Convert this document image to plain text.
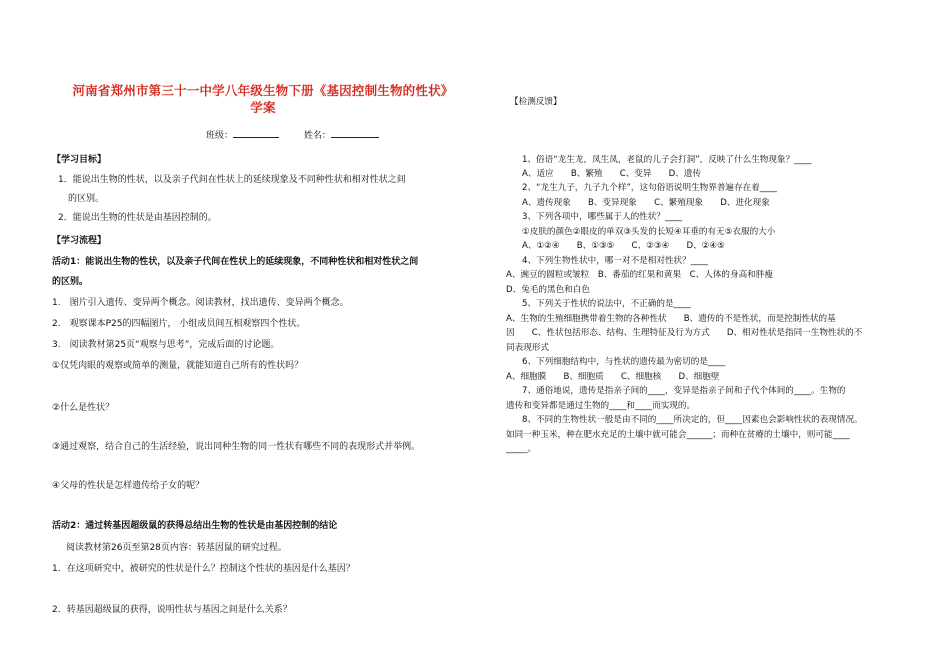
河南省郑州市第三十一中学八年级生物下册《基因控制生物的性状》
学案
班级：	姓名：
【学习目标】
1．能说出生物的性状，以及亲子代间在性状上的延续现象及不同种性状和相对性状之间
的区别。
2．能说出生物的性状是由基因控制的。
【学习流程】
活动1：能说出生物的性状，以及亲子代间在性状上的延续现象，不同种性状和相对性状之间
的区别。
1.　图片引入遗传、变异两个概念。阅读教材，找出遗传、变异两个概念。
2.　观察课本P25的四幅图片， 小组成员间互相观察四个性状。
3.　阅读教材第25页“观察与思考”，完成后面的讨论题。
①仅凭肉眼的观察或简单的测量，就能知道自己所有的性状吗？
②什么是性状？
③通过观察，结合自己的生活经验，说出同种生物的同一性状有哪些不同的表现形式并举例。
④父母的性状是怎样遗传给子女的呢？
活动2：通过转基因超级鼠的获得总结出生物的性状是由基因控制的结论
阅读教材第26页至第28页内容：转基因鼠的研究过程。
1．在这项研究中，被研究的性状是什么？控制这个性状的基因是什么基因？
2．转基因超级鼠的获得，说明性状与基因之间是什么关系？
【检测反馈】
1、俗语“龙生龙，凤生凤，老鼠的儿子会打洞”，反映了什么生物现象？____
A、适应　　B、繁殖　　C、变异　　D、遗传
2、“龙生九子，九子九个样”，这句俗语说明生物界普遍存在着____
A、遗传现象　　B、变异现象　　C、繁殖现象　　D、进化现象
3、下列各项中，哪些属于人的性状？____
①皮肤的颜色②眼皮的单双③头发的长短④耳垂的有无⑤衣服的大小
A、①②④　　B、①③⑤　　C、②③④　　D、②④⑤
4、下列生物性状中，哪一对不是相对性状？____
A、豌豆的圆粒或皱粒　B、番茄的红果和黄果　C、人体的身高和胖瘦
D、兔毛的黑色和白色
5、下列关于性状的说法中，不正确的是____
A、生物的生殖细胞携带着生物的各种性状　　B、遗传的不是性状，而是控制性状的基
因　　C、性状包括形态、结构、生理特征及行为方式　　D、相对性状是指同一生物性状的不
同表现形式
6、下列细胞结构中，与性状的遗传最为密切的是____
A、细胞膜　　B、细胞质　　C、细胞核　　D、细胞壁
7、通俗地说，遗传是指亲子间的____，变异是指亲子间和子代个体间的____。生物的
遗传和变异都是通过生物的____和____而实现的。
8、不同的生物性状一般是由不同的____所决定的，但____因素也会影响性状的表现情况。
如同一种玉米，种在肥水充足的土壤中就可能会______；而种在贫瘠的土壤中，则可能____
_____。
